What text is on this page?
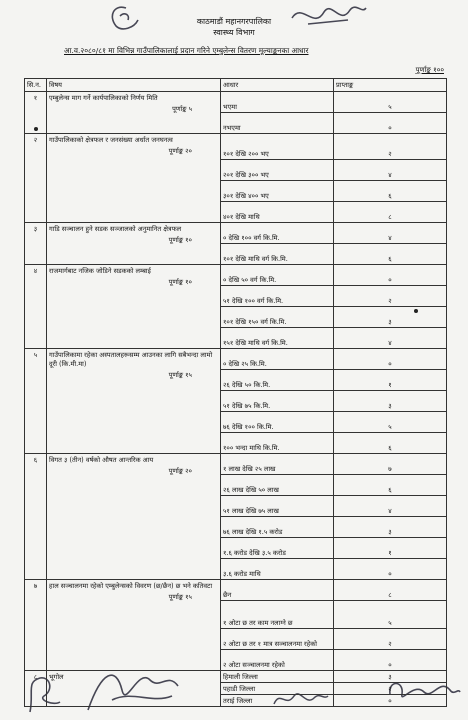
काठमाडौं महानगरपालिका
स्वास्थ्य विभाग
आ.व.२०८०/८१ मा विभिन्न गाउँपालिकालाई प्रदान गरिने एम्बुलेन्स वितरण मूल्याङ्कनका आधार
पूर्णाङ्क १००
सि.न.	विषय	आधार	प्राप्ताङ्क
१	एम्बुलेन्स माग गर्ने कार्यपालिकाको निर्णय मिति
पूर्णाङ्क ५	भएमा	५
		नभएमा	०
२	गाउँपालिकाको क्षेत्रफल र जनसंख्या अर्धात जनघनत्व
पूर्णाङ्क २०	१०१ देखि २०० भए	२
		२०१ देखि ३०० भए	४
		३०१ देखि ४०० भए	६
		४०१ देखि माथि	८
३	गाडि सञ्चालन हुने सडक सञ्जालको अनुमानित क्षेत्रफल
पूर्णाङ्क १०	० देखि १०० वर्ग कि.मि.	४
		१०१ देखि माथि वर्ग कि.मि.	६
४	राजमार्गबाट नजिक जोडिने सडकको लम्बाई
पूर्णाङ्क १०	० देखि ५० वर्ग कि.मि.	०
		५१ देखि १०० वर्ग कि.मि.	२
		१०१ देखि १५० वर्ग कि.मि.	३
		१५१ देखि माथि वर्ग कि.मि.	४
५	गाउँपालिकामा रहेका अस्पतालहरूसम्म आउनका लागि सबैभन्दा लामो दूरी (कि.मी.मा)
पूर्णाङ्क १५	० देखि २५ कि.मि.	०
		२६ देखि ५० कि.मि.	१
		५१ देखि ७५ कि.मि.	३
		७६ देखि १०० कि.मि.	५
		१०० भन्दा माथि कि.मि.	६
६	विगत ३ (तीन) वर्षको औषत आन्तरिक आय
पूर्णाङ्क २०	१ लाख देखि २५ लाख	७
		२६ लाख देखि ५० लाख	६
		५१ लाख देखि ७५ लाख	४
		७६ लाख देखि १.५ करोड	३
		१.६ करोड देखि ३.५ करोड	१
		३.६ करोड माथि	०
७	हाल सञ्चालनमा रहेको एम्बुलेन्सको विवरण (छ/छैन) छ भने कतिवटा
पूर्णाङ्क १५	छैन	८
		१ ओटा छ तर काम नलाग्ने छ	५
		२ ओटा छ तर १ मात्र सञ्चालनमा रहेको	२
		२ ओटा सञ्चालनमा रहेको	०
८	भूगोल	हिमाली जिल्ला	३
		पहाडी जिल्ला	२
		तराई जिल्ला	०
